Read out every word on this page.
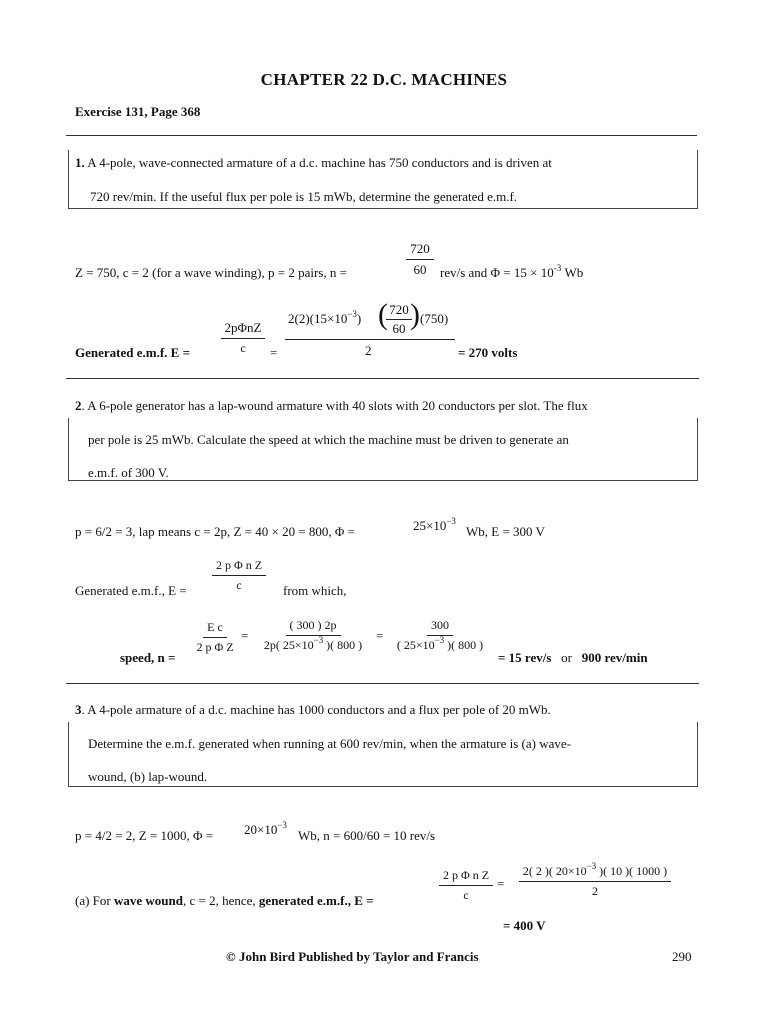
CHAPTER 22 D.C. MACHINES
Exercise 131, Page 368
1. A 4-pole, wave-connected armature of a d.c. machine has 750 conductors and is driven at
720 rev/min. If the useful flux per pole is 15 mWb, determine the generated e.m.f.
Z = 750, c = 2 (for a wave winding), p = 2 pairs, n =	$\frac{720}{60} rev/s$ and $\Phi = 15 \times 10^{-3}$ Wb
2pΦnZ
c
Generated e.m.f. E =	=
$2(2)(15\times 10^{-3}) \frac{720}{60}$
( ) (750)
2	= 270 volts
2. A 6-pole generator has a lap-wound armature with 40 slots with 20 conductors per slot. The flux
per pole is 25 mWb. Calculate the speed at which the machine must be driven to generate an
e.m.f. of 300 V.
p = 6/2 = 3, lap means c = 2p, Z = 40 × 20 = 800, Φ =	$25\times 10^{-3}$
Wb, E = 300 V
$\frac{\text{2 p Φ n Z}}{c}$
Generated e.m.f., E =	from which,
speed, n =
$\frac{\text{E c}}{\text{2 p Φ Z}} = \frac{( 300 ) 2p}{2p( 25\times 10^{-3} )( 800 )} = \frac{300}{( 25\times 10^{-3} )( 800 )}$
= 15 rev/s or 900 rev/min
3. A 4-pole armature of a d.c. machine has 1000 conductors and a flux per pole of 20 mWb.
Determine the e.m.f. generated when running at 600 rev/min, when the armature is (a) wave-
wound, (b) lap-wound.
p = 4/2 = 2, Z = 1000, $\Phi = 20\times 10^{-3}$
Wb, n = 600/60 = 10 rev/s
(a) For wave wound, c = 2, hence, generated e.m.f., E =	$\frac{\text{2 p Φ n Z}}{c} = \frac{2( 2 )( 20\times 10^{-3} )( 10 )( 1000 )}{2}$
= 400 V
© John Bird Published by Taylor and Francis	290
